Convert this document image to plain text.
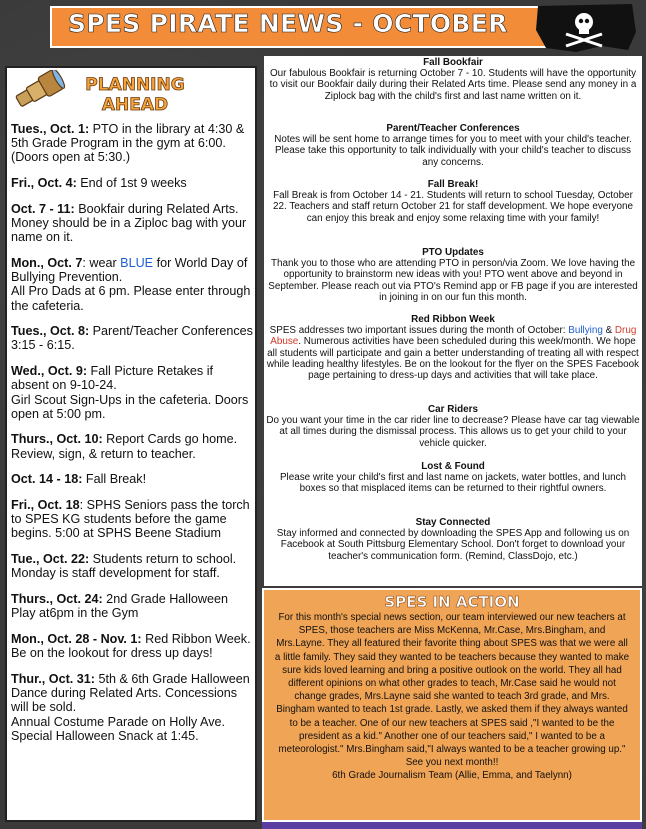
SPES PIRATE NEWS - OCTOBER
PLANNING
AHEAD
Tues., Oct. 1: PTO in the library at 4:30 & 5th Grade Program in the gym at 6:00. (Doors open at 5:30.)
Fri., Oct. 4: End of 1st 9 weeks
Oct. 7 - 11: Bookfair during Related Arts. Money should be in a Ziploc bag with your name on it.
Mon., Oct. 7: wear BLUE for World Day of Bullying Prevention.
All Pro Dads at 6 pm. Please enter through the cafeteria.
Tues., Oct. 8: Parent/Teacher Conferences 3:15 - 6:15.
Wed., Oct. 9: Fall Picture Retakes if absent on 9-10-24.
Girl Scout Sign-Ups in the cafeteria. Doors open at 5:00 pm.
Thurs., Oct. 10: Report Cards go home. Review, sign, & return to teacher.
Oct. 14 - 18: Fall Break!
Fri., Oct. 18: SPHS Seniors pass the torch to SPES KG students before the game begins. 5:00 at SPHS Beene Stadium
Tue., Oct. 22: Students return to school. Monday is staff development for staff.
Thurs., Oct. 24: 2nd Grade Halloween Play at6pm in the Gym
Mon., Oct. 28 - Nov. 1: Red Ribbon Week. Be on the lookout for dress up days!
Thur., Oct. 31: 5th & 6th Grade Halloween Dance during Related Arts. Concessions will be sold.
Annual Costume Parade on Holly Ave. Special Halloween Snack at 1:45.
Fall Bookfair
Our fabulous Bookfair is returning October 7 - 10. Students will have the opportunity to visit our Bookfair daily during their Related Arts time. Please send any money in a Ziplock bag with the child's first and last name written on it.
Parent/Teacher Conferences
Notes will be sent home to arrange times for you to meet with your child's teacher. Please take this opportunity to talk individually with your child's teacher to discuss any concerns.
Fall Break!
Fall Break is from October 14 - 21. Students will return to school Tuesday, October 22. Teachers and staff return October 21 for staff development. We hope everyone can enjoy this break and enjoy some relaxing time with your family!
PTO Updates
Thank you to those who are attending PTO in person/via Zoom. We love having the opportunity to brainstorm new ideas with you! PTO went above and beyond in September. Please reach out via PTO's Remind app or FB page if you are interested in joining in on our fun this month.
Red Ribbon Week
SPES addresses two important issues during the month of October: Bullying & Drug Abuse. Numerous activities have been scheduled during this week/month. We hope all students will participate and gain a better understanding of treating all with respect while leading healthy lifestyles. Be on the lookout for the flyer on the SPES Facebook page pertaining to dress-up days and activities that will take place.
Car Riders
Do you want your time in the car rider line to decrease? Please have car tag viewable at all times during the dismissal process. This allows us to get your child to your vehicle quicker.
Lost & Found
Please write your child's first and last name on jackets, water bottles, and lunch boxes so that misplaced items can be returned to their rightful owners.
Stay Connected
Stay informed and connected by downloading the SPES App and following us on Facebook at South Pittsburg Elementary School. Don't forget to download your teacher's communication form. (Remind, ClassDojo, etc.)
SPES IN ACTION
For this month's special news section, our team interviewed our new teachers at SPES, those teachers are Miss McKenna, Mr.Case, Mrs.Bingham, and Mrs.Layne. They all featured their favorite thing about SPES was that we were all a little family. They said they wanted to be teachers because they wanted to make sure kids loved learning and bring a positive outlook on the world. They all had different opinions on what other grades to teach, Mr.Case said he would not change grades, Mrs.Layne said she wanted to teach 3rd grade, and Mrs. Bingham wanted to teach 1st grade. Lastly, we asked them if they always wanted to be a teacher. One of our new teachers at SPES said ,"I wanted to be the president as a kid." Another one of our teachers said," I wanted to be a meteorologist." Mrs.Bingham said,"I always wanted to be a teacher growing up."
See you next month!!
6th Grade Journalism Team (Allie, Emma, and Taelynn)
